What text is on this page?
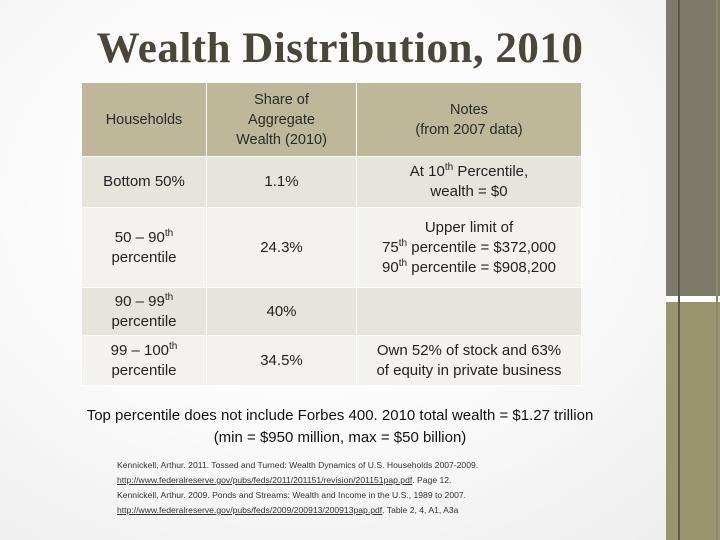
Wealth Distribution, 2010
Households	Share of
Aggregate
Wealth (2010)	Notes
(from 2007 data)
Bottom 50%	1.1%	At 10th Percentile,
wealth = $0
50 – 90th
percentile	24.3%	Upper limit of
75th percentile = $372,000
90th percentile = $908,200
90 – 99th
percentile	40%	
99 – 100th
percentile	34.5%	Own 52% of stock and 63%
of equity in private business
Top percentile does not include Forbes 400. 2010 total wealth = $1.27 trillion
(min = $950 million, max = $50 billion)
Kennickell, Arthur. 2011. Tossed and Turned: Wealth Dynamics of U.S. Households 2007-2009.
http://www.federalreserve.gov/pubs/feds/2011/201151/revision/201151pap.pdf. Page 12.
Kennickell, Arthur. 2009. Ponds and Streams: Wealth and Income in the U.S., 1989 to 2007.
http://www.federalreserve.gov/pubs/feds/2009/200913/200913pap.pdf. Table 2, 4, A1, A3a
